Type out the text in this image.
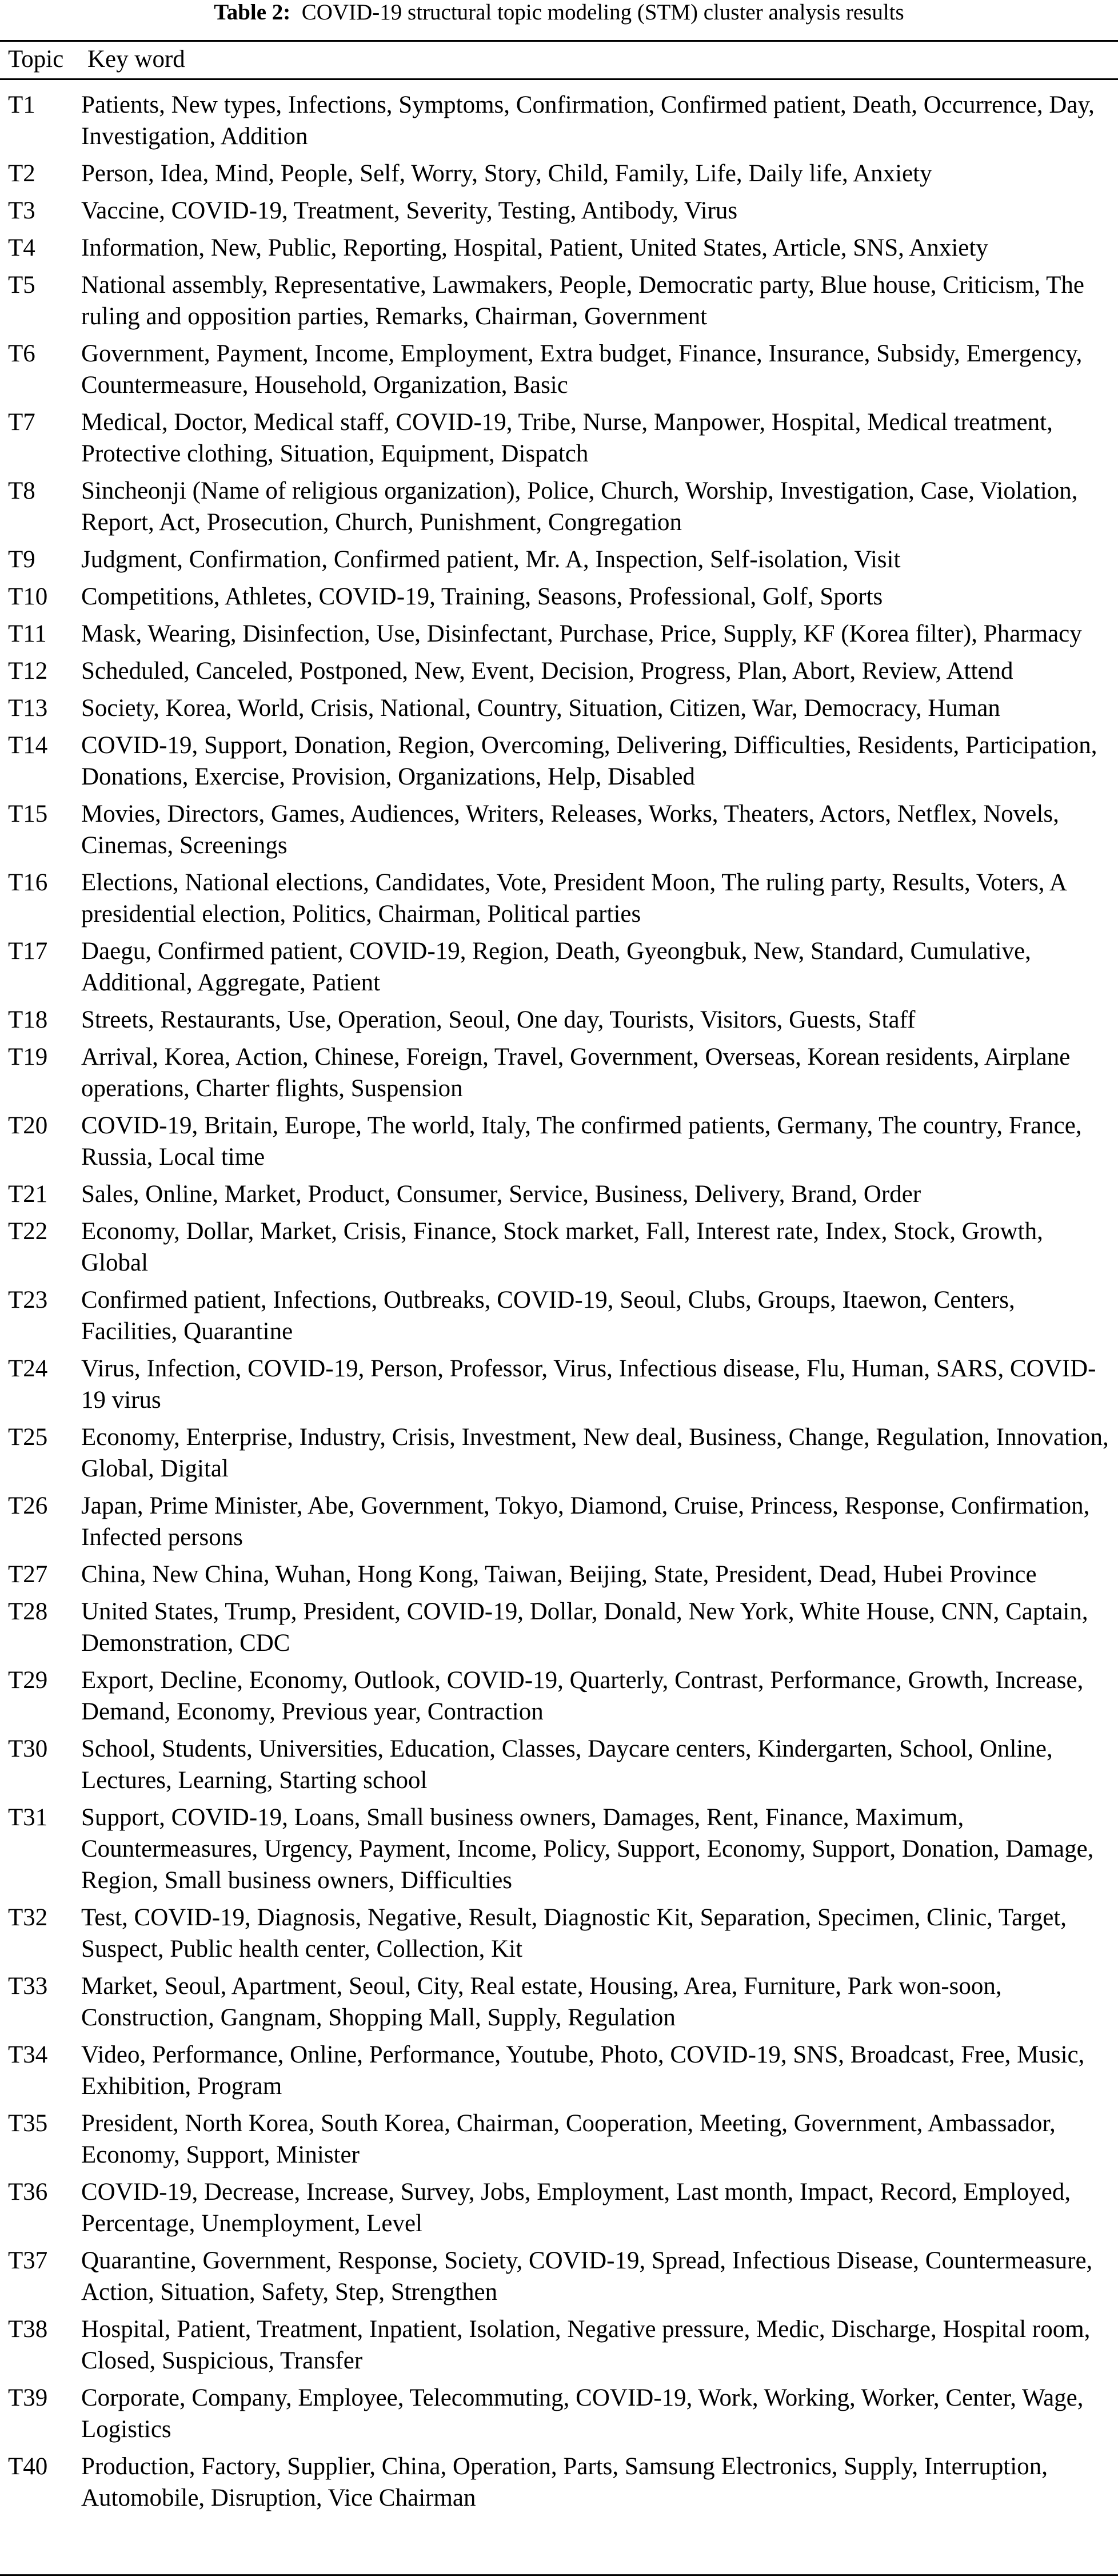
Table 2: COVID-19 structural topic modeling (STM) cluster analysis results
Topic Key word
T1	Patients, New types, Infections, Symptoms, Confirmation, Confirmed patient, Death, Occurrence, Day, Investigation, Addition
T2	Person, Idea, Mind, People, Self, Worry, Story, Child, Family, Life, Daily life, Anxiety
T3	Vaccine, COVID-19, Treatment, Severity, Testing, Antibody, Virus
T4	Information, New, Public, Reporting, Hospital, Patient, United States, Article, SNS, Anxiety
T5	National assembly, Representative, Lawmakers, People, Democratic party, Blue house, Criticism, The ruling and opposition parties, Remarks, Chairman, Government
T6	Government, Payment, Income, Employment, Extra budget, Finance, Insurance, Subsidy, Emergency, Countermeasure, Household, Organization, Basic
T7	Medical, Doctor, Medical staff, COVID-19, Tribe, Nurse, Manpower, Hospital, Medical treatment, Protective clothing, Situation, Equipment, Dispatch
T8	Sincheonji (Name of religious organization), Police, Church, Worship, Investigation, Case, Violation, Report, Act, Prosecution, Church, Punishment, Congregation
T9	Judgment, Confirmation, Confirmed patient, Mr. A, Inspection, Self-isolation, Visit
T10	Competitions, Athletes, COVID-19, Training, Seasons, Professional, Golf, Sports
T11	Mask, Wearing, Disinfection, Use, Disinfectant, Purchase, Price, Supply, KF (Korea filter), Pharmacy
T12	Scheduled, Canceled, Postponed, New, Event, Decision, Progress, Plan, Abort, Review, Attend
T13	Society, Korea, World, Crisis, National, Country, Situation, Citizen, War, Democracy, Human
T14	COVID-19, Support, Donation, Region, Overcoming, Delivering, Difficulties, Residents, Participation, Donations, Exercise, Provision, Organizations, Help, Disabled
T15	Movies, Directors, Games, Audiences, Writers, Releases, Works, Theaters, Actors, Netflex, Novels, Cinemas, Screenings
T16	Elections, National elections, Candidates, Vote, President Moon, The ruling party, Results, Voters, A presidential election, Politics, Chairman, Political parties
T17	Daegu, Confirmed patient, COVID-19, Region, Death, Gyeongbuk, New, Standard, Cumulative, Additional, Aggregate, Patient
T18	Streets, Restaurants, Use, Operation, Seoul, One day, Tourists, Visitors, Guests, Staff
T19	Arrival, Korea, Action, Chinese, Foreign, Travel, Government, Overseas, Korean residents, Airplane operations, Charter flights, Suspension
T20	COVID-19, Britain, Europe, The world, Italy, The confirmed patients, Germany, The country, France, Russia, Local time
T21	Sales, Online, Market, Product, Consumer, Service, Business, Delivery, Brand, Order
T22	Economy, Dollar, Market, Crisis, Finance, Stock market, Fall, Interest rate, Index, Stock, Growth, Global
T23	Confirmed patient, Infections, Outbreaks, COVID-19, Seoul, Clubs, Groups, Itaewon, Centers, Facilities, Quarantine
T24	Virus, Infection, COVID-19, Person, Professor, Virus, Infectious disease, Flu, Human, SARS, COVID-19 virus
T25	Economy, Enterprise, Industry, Crisis, Investment, New deal, Business, Change, Regulation, Innovation, Global, Digital
T26	Japan, Prime Minister, Abe, Government, Tokyo, Diamond, Cruise, Princess, Response, Confirmation, Infected persons
T27	China, New China, Wuhan, Hong Kong, Taiwan, Beijing, State, President, Dead, Hubei Province
T28	United States, Trump, President, COVID-19, Dollar, Donald, New York, White House, CNN, Captain, Demonstration, CDC
T29	Export, Decline, Economy, Outlook, COVID-19, Quarterly, Contrast, Performance, Growth, Increase, Demand, Economy, Previous year, Contraction
T30	School, Students, Universities, Education, Classes, Daycare centers, Kindergarten, School, Online, Lectures, Learning, Starting school
T31	Support, COVID-19, Loans, Small business owners, Damages, Rent, Finance, Maximum, Countermeasures, Urgency, Payment, Income, Policy, Support, Economy, Support, Donation, Damage, Region, Small business owners, Difficulties
T32	Test, COVID-19, Diagnosis, Negative, Result, Diagnostic Kit, Separation, Specimen, Clinic, Target, Suspect, Public health center, Collection, Kit
T33	Market, Seoul, Apartment, Seoul, City, Real estate, Housing, Area, Furniture, Park won-soon, Construction, Gangnam, Shopping Mall, Supply, Regulation
T34	Video, Performance, Online, Performance, Youtube, Photo, COVID-19, SNS, Broadcast, Free, Music, Exhibition, Program
T35	President, North Korea, South Korea, Chairman, Cooperation, Meeting, Government, Ambassador, Economy, Support, Minister
T36	COVID-19, Decrease, Increase, Survey, Jobs, Employment, Last month, Impact, Record, Employed, Percentage, Unemployment, Level
T37	Quarantine, Government, Response, Society, COVID-19, Spread, Infectious Disease, Countermeasure, Action, Situation, Safety, Step, Strengthen
T38	Hospital, Patient, Treatment, Inpatient, Isolation, Negative pressure, Medic, Discharge, Hospital room, Closed, Suspicious, Transfer
T39	Corporate, Company, Employee, Telecommuting, COVID-19, Work, Working, Worker, Center, Wage, Logistics
T40	Production, Factory, Supplier, China, Operation, Parts, Samsung Electronics, Supply, Interruption, Automobile, Disruption, Vice Chairman
